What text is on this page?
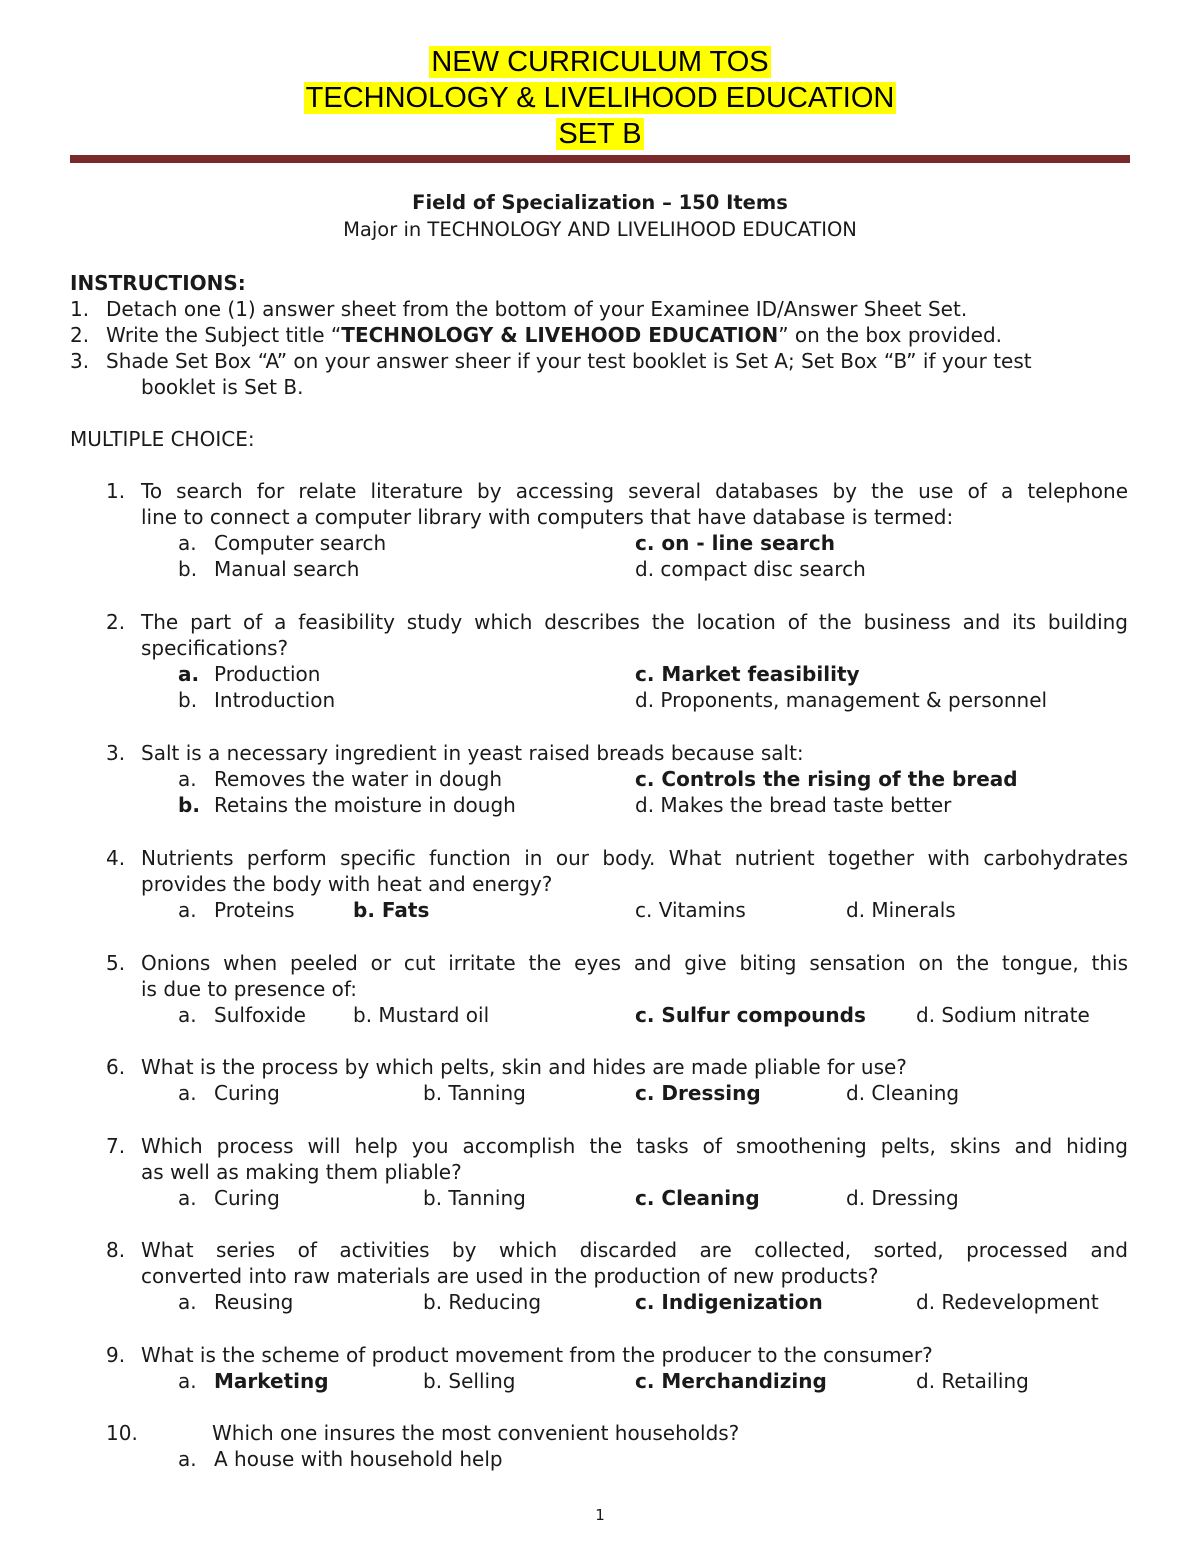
NEW CURRICULUM TOS
TECHNOLOGY & LIVELIHOOD EDUCATION
SET B
Field of Specialization – 150 Items
Major in TECHNOLOGY AND LIVELIHOOD EDUCATION
INSTRUCTIONS:
1. Detach one (1) answer sheet from the bottom of your Examinee ID/Answer Sheet Set.
2. Write the Subject title “TECHNOLOGY & LIVEHOOD EDUCATION” on the box provided.
3. Shade Set Box “A” on your answer sheer if your test booklet is Set A; Set Box “B” if your test
booklet is Set B.
MULTIPLE CHOICE:
1. To search for relate literature by accessing several databases by the use of a telephone
line to connect a computer library with computers that have database is termed:
a. Computer search	c. on - line search
b. Manual search	d. compact disc search
2. The part of a feasibility study which describes the location of the business and its building
specifications?
a. Production	c. Market feasibility
b. Introduction	d. Proponents, management & personnel
3. Salt is a necessary ingredient in yeast raised breads because salt:
a. Removes the water in dough	c. Controls the rising of the bread
b. Retains the moisture in dough	d. Makes the bread taste better
4. Nutrients perform specific function in our body. What nutrient together with carbohydrates
provides the body with heat and energy?
a. Proteins	b. Fats	c. Vitamins	d. Minerals
5. Onions when peeled or cut irritate the eyes and give biting sensation on the tongue, this
is due to presence of:
a. Sulfoxide b. Mustard oil	c. Sulfur compounds	d. Sodium nitrate
6. What is the process by which pelts, skin and hides are made pliable for use?
a. Curing	b. Tanning	c. Dressing	d. Cleaning
7. Which process will help you accomplish the tasks of smoothening pelts, skins and hiding
as well as making them pliable?
a. Curing	b. Tanning	c. Cleaning	d. Dressing
8. What series of activities by which discarded are collected, sorted, processed and
converted into raw materials are used in the production of new products?
a. Reusing	b. Reducing	c. Indigenization	d. Redevelopment
9. What is the scheme of product movement from the producer to the consumer?
a. Marketing	b. Selling	c. Merchandizing	d. Retailing
10.	Which one insures the most convenient households?
a. A house with household help
1
